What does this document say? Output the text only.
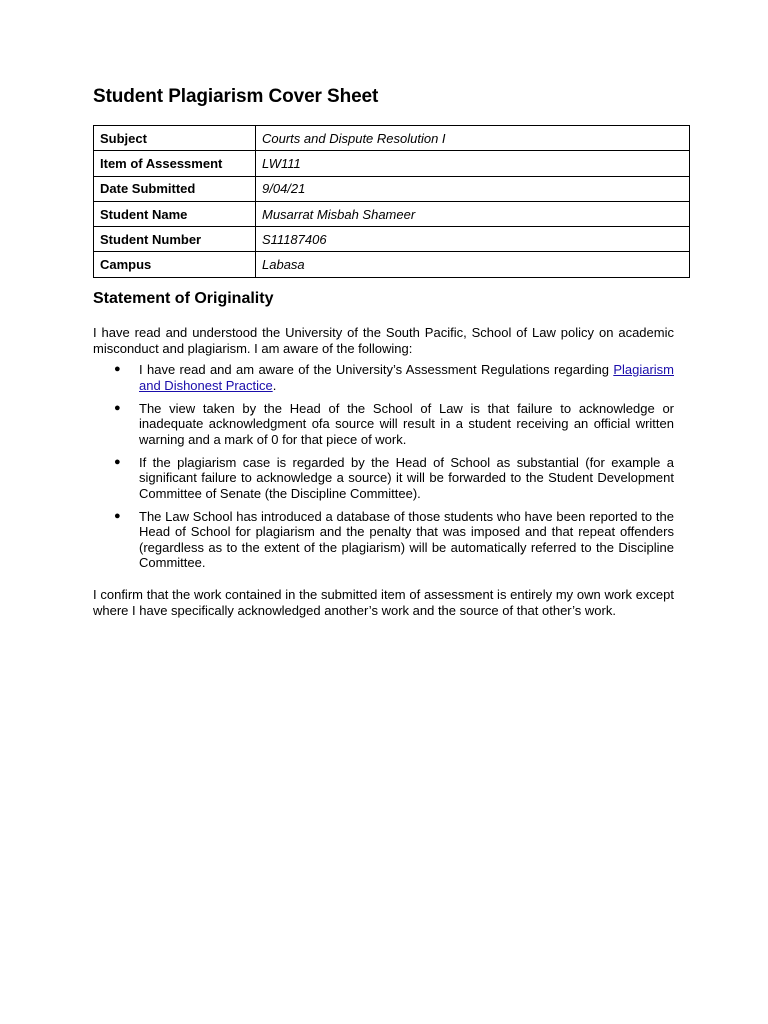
Student Plagiarism Cover Sheet
Subject	Courts and Dispute Resolution I
Item of Assessment	LW111
Date Submitted	9/04/21
Student Name	Musarrat Misbah Shameer
Student Number	S11187406
Campus	Labasa
Statement of Originality
I have read and understood the University of the South Pacific, School of Law policy on academic misconduct and plagiarism. I am aware of the following:
● I have read and am aware of the University’s Assessment Regulations regarding Plagiarism and Dishonest Practice.
● The view taken by the Head of the School of Law is that failure to acknowledge or inadequate acknowledgment ofa source will result in a student receiving an official written warning and a mark of 0 for that piece of work.
● If the plagiarism case is regarded by the Head of School as substantial (for example a significant failure to acknowledge a source) it will be forwarded to the Student Development Committee of Senate (the Discipline Committee).
● The Law School has introduced a database of those students who have been reported to the Head of School for plagiarism and the penalty that was imposed and that repeat offenders (regardless as to the extent of the plagiarism) will be automatically referred to the Discipline Committee.
I confirm that the work contained in the submitted item of assessment is entirely my own work except where I have specifically acknowledged another’s work and the source of that other’s work.
